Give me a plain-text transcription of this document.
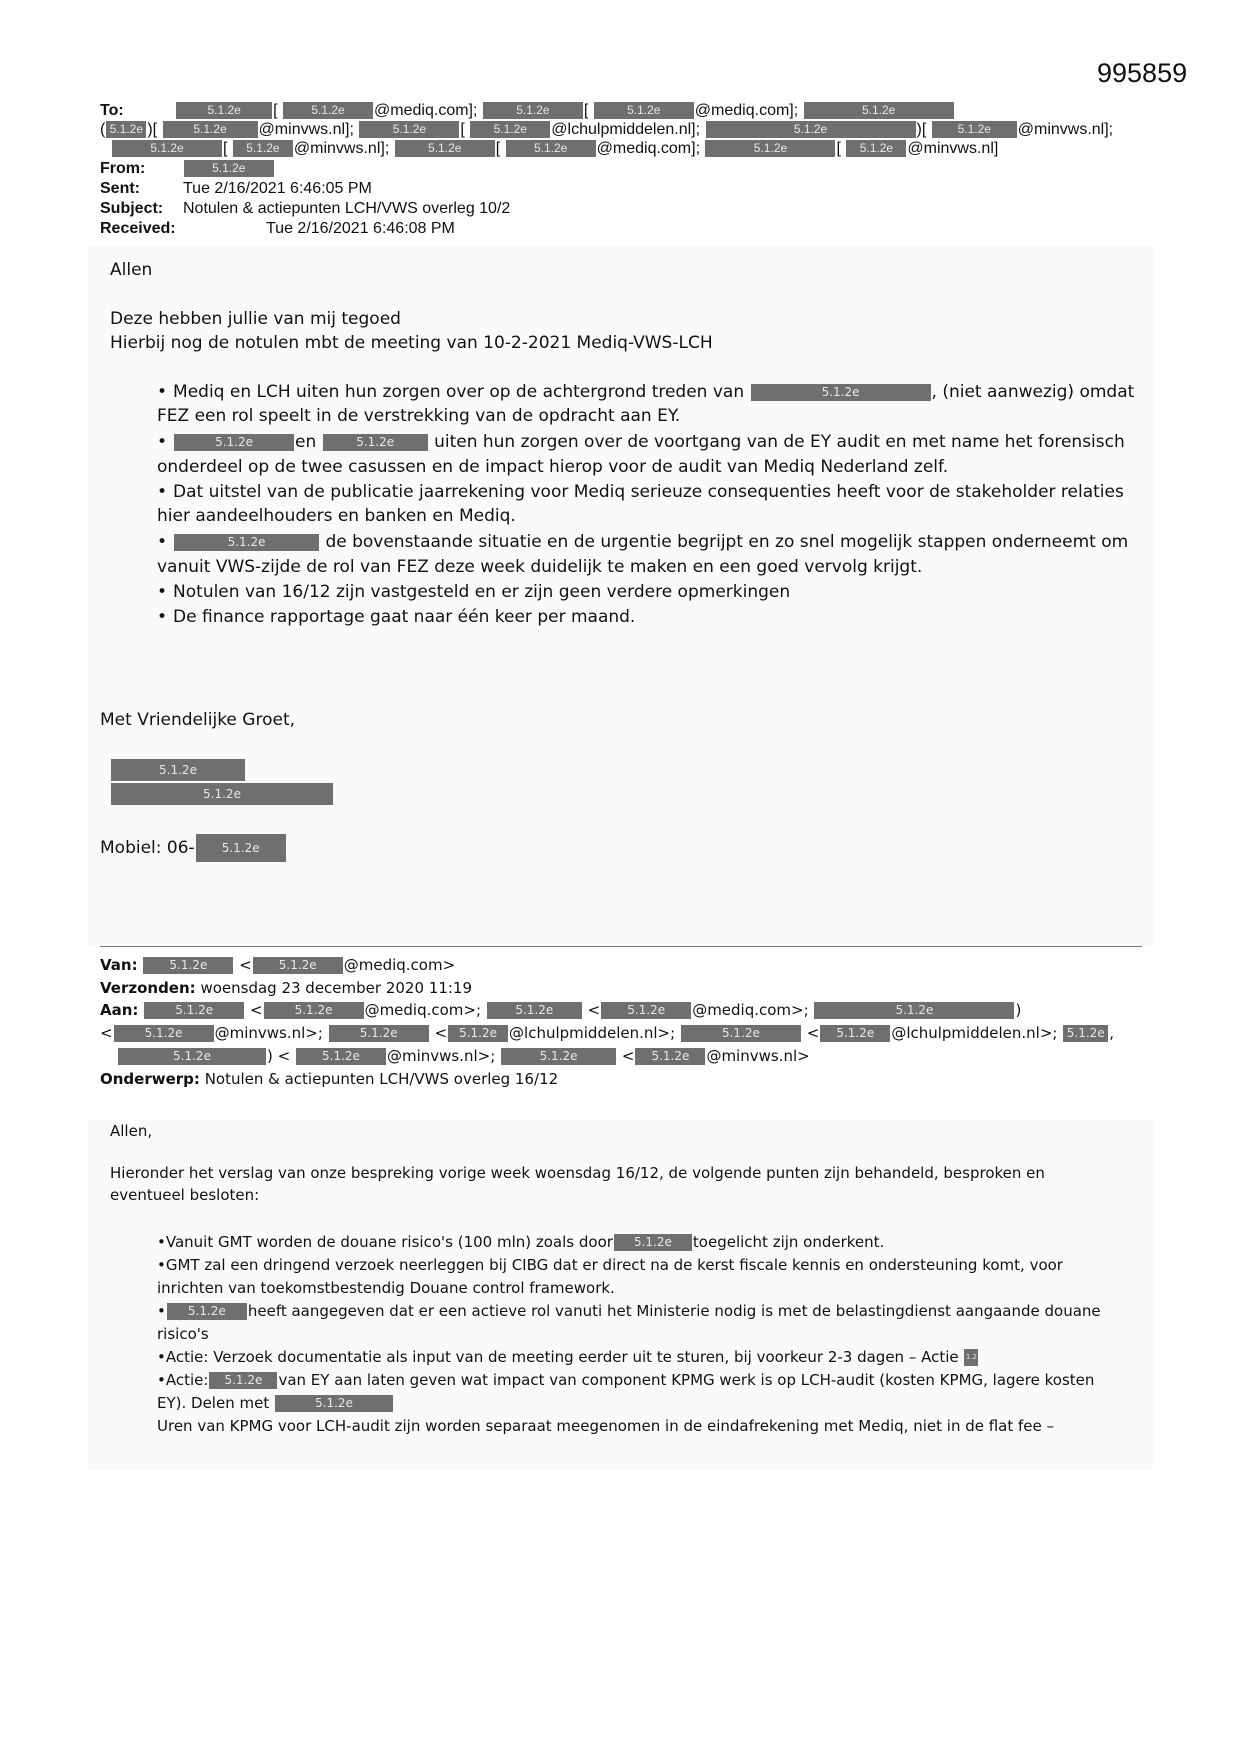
995859
To:	5.1.2e [	5.1.2e @mediq.com];	5.1.2e [	5.1.2e @mediq.com];	5.1.2e
( 5.1.2e )[	5.1.2e @minvws.nl];	5.1.2e [ 5.1.2e @lchulpmiddelen.nl];	5.1.2e	)[	5.1.2e @minvws.nl];
5.1.2e [ 5.1.2e @minvws.nl];	5.1.2e [	5.1.2e @mediq.com];	5.1.2e	[ 5.1.2e @minvws.nl]
From:	5.1.2e
Sent:	Tue 2/16/2021 6:46:05 PM
Subject: Notulen & actiepunten LCH/VWS overleg 10/2
Received:	Tue 2/16/2021 6:46:08 PM
Allen
Deze hebben jullie van mij tegoed
Hierbij nog de notulen mbt de meeting van 10-2-2021 Mediq-VWS-LCH
• Mediq en LCH uiten hun zorgen over op de achtergrond treden van	5.1.2e	, (niet aanwezig) omdat
FEZ een rol speelt in de verstrekking van de opdracht aan EY.
•	5.1.2e en	5.1.2e uiten hun zorgen over de voortgang van de EY audit en met name het forensisch
onderdeel op de twee casussen en de impact hierop voor de audit van Mediq Nederland zelf.
• Dat uitstel van de publicatie jaarrekening voor Mediq serieuze consequenties heeft voor de stakeholder relaties
hier aandeelhouders en banken en Mediq.
•	5.1.2e	de bovenstaande situatie en de urgentie begrijpt en zo snel mogelijk stappen onderneemt om
vanuit VWS-zijde de rol van FEZ deze week duidelijk te maken en een goed vervolg krijgt.
• Notulen van 16/12 zijn vastgesteld en er zijn geen verdere opmerkingen
• De finance rapportage gaat naar één keer per maand.
Met Vriendelijke Groet,
5.1.2e
5.1.2e
Mobiel: 06- 5.1.2e
Van:	5.1.2e < 5.1.2e @mediq.com>
Verzonden: woensdag 23 december 2020 11:19
Aan:	5.1.2e <	5.1.2e @mediq.com>;	5.1.2e < 5.1.2e @mediq.com>;	5.1.2e	)
<	5.1.2e @minvws.nl>;	5.1.2e < 5.1.2e @lchulpmiddelen.nl>;	5.1.2e	< 5.1.2e @lchulpmiddelen.nl>; 5.1.2e ,
5.1.2e	) <	5.1.2e @minvws.nl>;	5.1.2e	< 5.1.2e @minvws.nl>
Onderwerp: Notulen & actiepunten LCH/VWS overleg 16/12
Allen,
Hieronder het verslag van onze bespreking vorige week woensdag 16/12, de volgende punten zijn behandeld, besproken en
eventueel besloten:
•Vanuit GMT worden de douane risico's (100 mln) zoals door 5.1.2e toegelicht zijn onderkent.
•GMT zal een dringend verzoek neerleggen bij CIBG dat er direct na de kerst fiscale kennis en ondersteuning komt, voor
inrichten van toekomstbestendig Douane control framework.
• 5.1.2e heeft aangegeven dat er een actieve rol vanuti het Ministerie nodig is met de belastingdienst aangaande douane
risico's
•Actie: Verzoek documentatie als input van de meeting eerder uit te sturen, bij voorkeur 2-3 dagen – Actie 1.2
•Actie: 5.1.2e van EY aan laten geven wat impact van component KPMG werk is op LCH-audit (kosten KPMG, lagere kosten
EY). Delen met	5.1.2e
Uren van KPMG voor LCH-audit zijn worden separaat meegenomen in de eindafrekening met Mediq, niet in de flat fee –
